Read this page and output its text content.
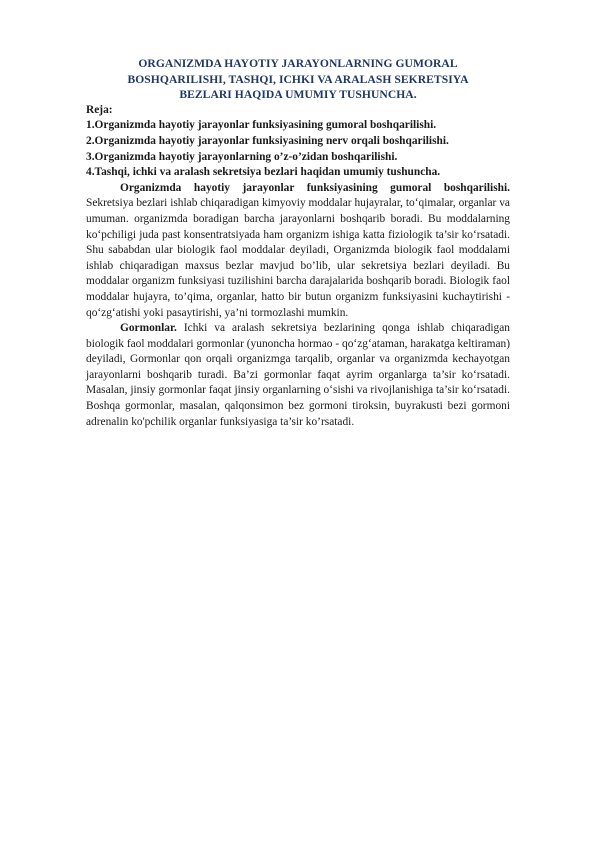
ORGANIZMDA HAYOTIY JARAYONLARNING GUMORAL
BOSHQARILISHI, TASHQI, ICHKI VA ARALASH SEKRETSIYA
BEZLARI HAQIDA UMUMIY TUSHUNCHA.

Reja:

1.Organizmda hayotiy jarayonlar funksiyasining gumoral boshqarilishi.

2.Organizmda hayotiy jarayonlar funksiyasining nerv orqali boshqarilishi.

3.Organizmda hayotiy jarayonlarning o’z-o’zidan boshqarilishi.

4.Tashqi, ichki va aralash sekretsiya bezlari haqidan umumiy tushuncha.

Organizmda hayotiy jarayonlar funksiyasining gumoral boshqarilishi. Sekretsiya bezlari ishlab chiqaradigan kimyoviy moddalar hujayralar, to‘qimalar, organlar va umuman. organizmda boradigan barcha jarayonlarni boshqarib boradi. Bu moddalarning ko‘pchiligi juda past konsentratsiyada ham organizm ishiga katta fiziologik ta’sir ko‘rsatadi. Shu sababdan ular biologik faol moddalar deyiladi, Organizmda biologik faol moddalami ishlab chiqaradigan maxsus bezlar mavjud bo’lib, ular sekretsiya bezlari deyiladi. Bu moddalar organizm funksiyasi tuzilishini barcha darajalarida boshqarib boradi. Biologik faol moddalar hujayra, to’qima, organlar, hatto bir butun organizm funksiyasini kuchaytirishi - qo‘zg‘atishi yoki pasaytirishi, ya’ni tormozlashi mumkin.

Gormonlar. Ichki va aralash sekretsiya bezlarining qonga ishlab chiqaradigan biologik faol moddalari gormonlar (yunoncha hormao - qo‘zg‘ataman, harakatga keltiraman) deyiladi, Gormonlar qon orqali organizmga tarqalib, organlar va organizmda kechayotgan jarayonlarni boshqarib turadi. Ba’zi gormonlar faqat ayrim organlarga ta’sir ko‘rsatadi. Masalan, jinsiy gormonlar faqat jinsiy organlarning o‘sishi va rivojlanishiga ta’sir ko‘rsatadi. Boshqa gormonlar, masalan, qalqonsimon bez gormoni tiroksin, buyrakusti bezi gormoni adrenalin ko'pchilik organlar funksiyasiga ta’sir ko’rsatadi.
